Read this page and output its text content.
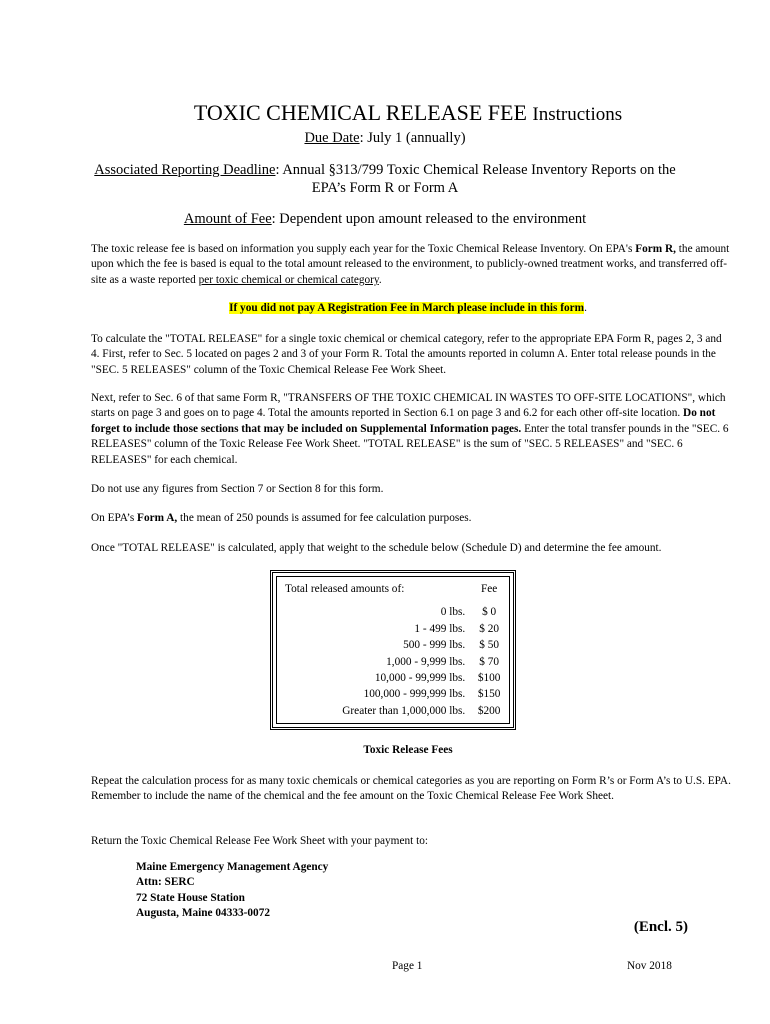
TOXIC CHEMICAL RELEASE FEE Instructions
Due Date: July 1 (annually)
Associated Reporting Deadline: Annual §313/799 Toxic Chemical Release Inventory Reports on the
EPA’s Form R or Form A
Amount of Fee: Dependent upon amount released to the environment
The toxic release fee is based on information you supply each year for the Toxic Chemical Release Inventory. On EPA's Form R, the amount upon which the fee is based is equal to the total amount released to the environment, to publicly-owned treatment works, and transferred off-site as a waste reported per toxic chemical or chemical category.
If you did not pay A Registration Fee in March please include in this form.
To calculate the "TOTAL RELEASE" for a single toxic chemical or chemical category, refer to the appropriate EPA Form R, pages 2, 3 and 4. First, refer to Sec. 5 located on pages 2 and 3 of your Form R. Total the amounts reported in column A. Enter total release pounds in the "SEC. 5 RELEASES" column of the Toxic Chemical Release Fee Work Sheet.
Next, refer to Sec. 6 of that same Form R, "TRANSFERS OF THE TOXIC CHEMICAL IN WASTES TO OFF-SITE LOCATIONS", which starts on page 3 and goes on to page 4. Total the amounts reported in Section 6.1 on page 3 and 6.2 for each other off-site location. Do not forget to include those sections that may be included on Supplemental Information pages. Enter the total transfer pounds in the "SEC. 6 RELEASES" column of the Toxic Release Fee Work Sheet. "TOTAL RELEASE" is the sum of "SEC. 5 RELEASES" and "SEC. 6 RELEASES" for each chemical.
Do not use any figures from Section 7 or Section 8 for this form.
On EPA’s Form A, the mean of 250 pounds is assumed for fee calculation purposes.
Once "TOTAL RELEASE" is calculated, apply that weight to the schedule below (Schedule D) and determine the fee amount.
Total released amounts of:	Fee
0 lbs.	$ 0
1 - 499 lbs.	$ 20
500 - 999 lbs.	$ 50
1,000 - 9,999 lbs.	$ 70
10,000 - 99,999 lbs.	$100
100,000 - 999,999 lbs.	$150
Greater than 1,000,000 lbs.	$200
Toxic Release Fees
Repeat the calculation process for as many toxic chemicals or chemical categories as you are reporting on Form R’s or Form A’s to U.S. EPA. Remember to include the name of the chemical and the fee amount on the Toxic Chemical Release Fee Work Sheet.
Return the Toxic Chemical Release Fee Work Sheet with your payment to:
Maine Emergency Management Agency
Attn: SERC
72 State House Station
Augusta, Maine 04333-0072
(Encl. 5)
Page 1	Nov 2018
